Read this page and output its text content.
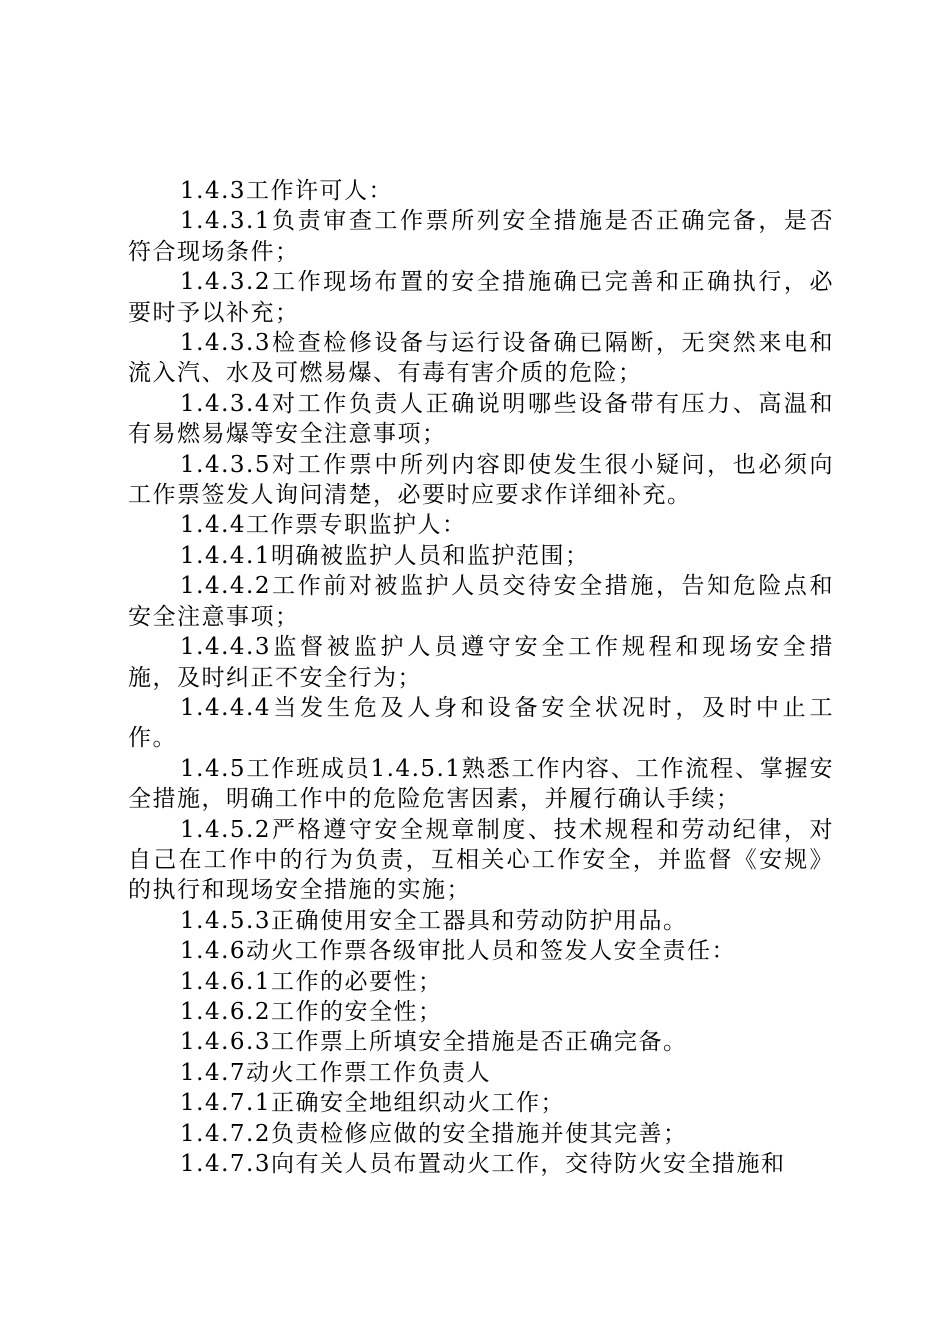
1.4.3工作许可人：

1.4.3.1负责审查工作票所列安全措施是否正确完备，是否符合现场条件；

1.4.3.2工作现场布置的安全措施确已完善和正确执行，必要时予以补充；

1.4.3.3检查检修设备与运行设备确已隔断，无突然来电和流入汽、水及可燃易爆、有毒有害介质的危险；

1.4.3.4对工作负责人正确说明哪些设备带有压力、高温和有易燃易爆等安全注意事项；

1.4.3.5对工作票中所列内容即使发生很小疑问，也必须向工作票签发人询问清楚，必要时应要求作详细补充。

1.4.4工作票专职监护人：

1.4.4.1明确被监护人员和监护范围；

1.4.4.2工作前对被监护人员交待安全措施，告知危险点和安全注意事项；

1.4.4.3监督被监护人员遵守安全工作规程和现场安全措施，及时纠正不安全行为；

1.4.4.4当发生危及人身和设备安全状况时，及时中止工作。

1.4.5工作班成员1.4.5.1熟悉工作内容、工作流程、掌握安全措施，明确工作中的危险危害因素，并履行确认手续；

1.4.5.2严格遵守安全规章制度、技术规程和劳动纪律，对自己在工作中的行为负责，互相关心工作安全，并监督《安规》的执行和现场安全措施的实施；

1.4.5.3正确使用安全工器具和劳动防护用品。

1.4.6动火工作票各级审批人员和签发人安全责任：

1.4.6.1工作的必要性；

1.4.6.2工作的安全性；

1.4.6.3工作票上所填安全措施是否正确完备。

1.4.7动火工作票工作负责人

1.4.7.1正确安全地组织动火工作；

1.4.7.2负责检修应做的安全措施并使其完善；

1.4.7.3向有关人员布置动火工作，交待防火安全措施和
